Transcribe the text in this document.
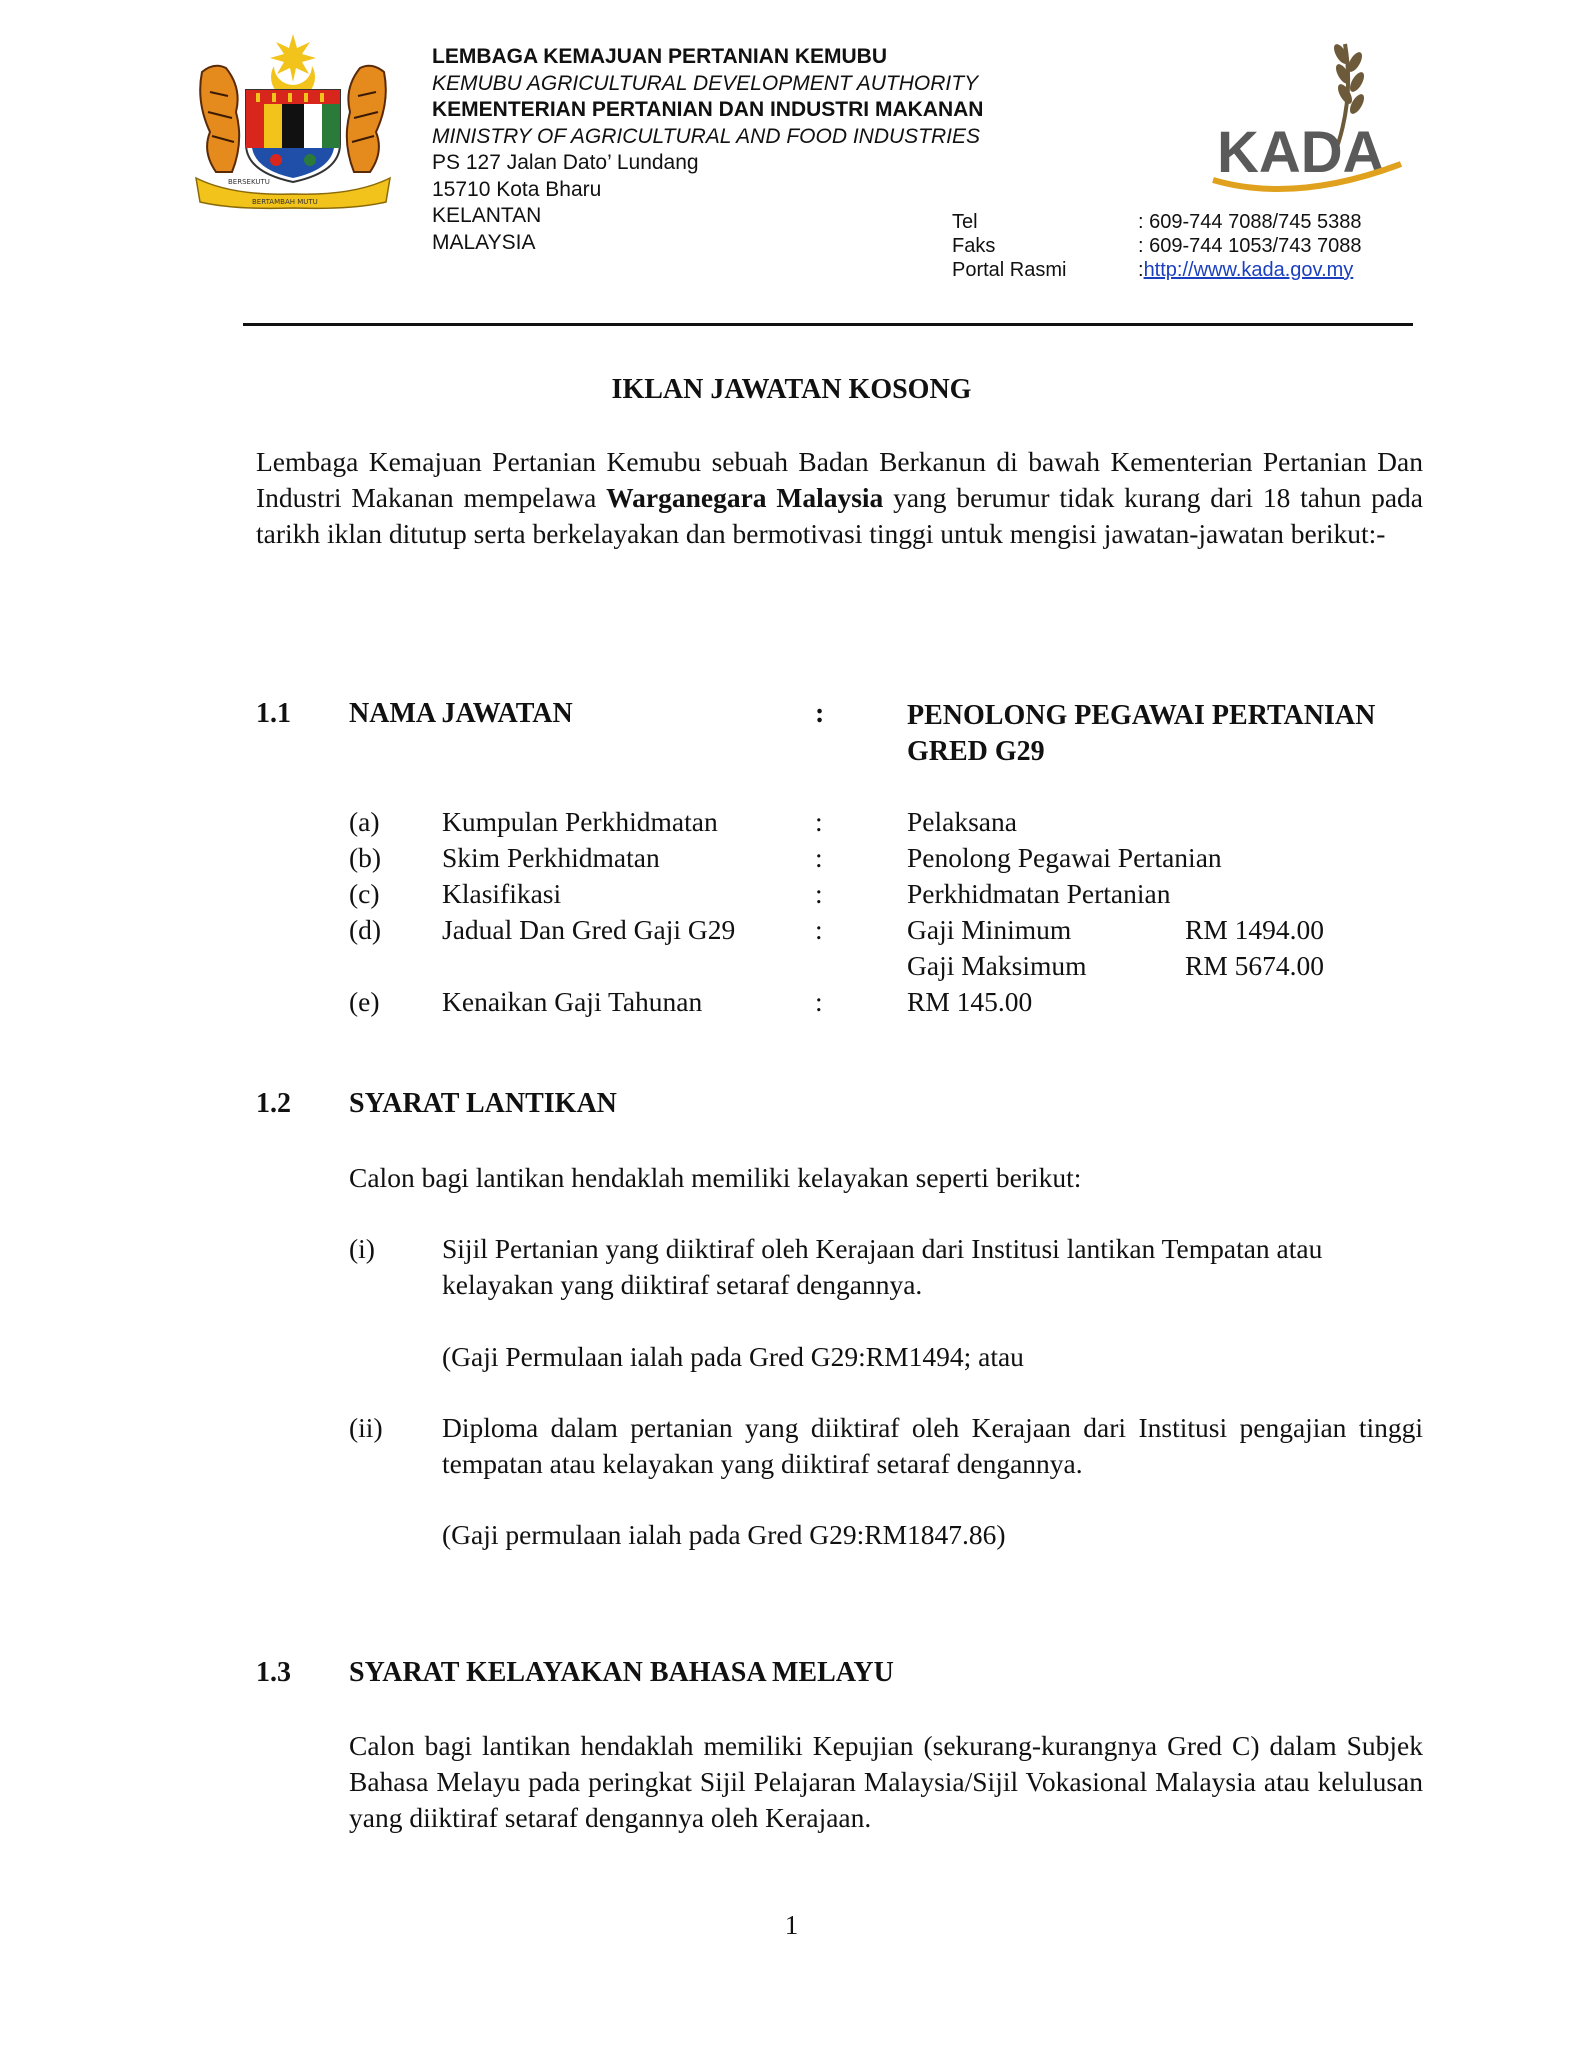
BERSEKUTU
BERTAMBAH MUTU
LEMBAGA KEMAJUAN PERTANIAN KEMUBU
KEMUBU AGRICULTURAL DEVELOPMENT AUTHORITY
KEMENTERIAN PERTANIAN DAN INDUSTRI MAKANAN
MINISTRY OF AGRICULTURAL AND FOOD INDUSTRIES
PS 127 Jalan Dato’ Lundang
15710 Kota Bharu
KELANTAN
MALAYSIA
KADA
Tel	: 609-744 7088/745 5388
Faks	: 609-744 1053/743 7088
Portal Rasmi	: http://www.kada.gov.my
IKLAN JAWATAN KOSONG
Lembaga Kemajuan Pertanian Kemubu sebuah Badan Berkanun di bawah Kementerian Pertanian Dan Industri Makanan mempelawa Warganegara Malaysia yang berumur tidak kurang dari 18 tahun pada tarikh iklan ditutup serta berkelayakan dan bermotivasi tinggi untuk mengisi jawatan-jawatan berikut:-
1.1 NAMA JAWATAN	:	PENOLONG PEGAWAI PERTANIAN
GRED G29
(a) Kumpulan Perkhidmatan	:	Pelaksana
(b) Skim Perkhidmatan	:	Penolong Pegawai Pertanian
(c) Klasifikasi	:	Perkhidmatan Pertanian
(d) Jadual Dan Gred Gaji G29	:	Gaji Minimum	RM 1494.00
Gaji Maksimum	RM 5674.00
(e) Kenaikan Gaji Tahunan	:	RM 145.00
1.2 SYARAT LANTIKAN
Calon bagi lantikan hendaklah memiliki kelayakan seperti berikut:
(i) Sijil Pertanian yang diiktiraf oleh Kerajaan dari Institusi lantikan Tempatan atau kelayakan yang diiktiraf setaraf dengannya.
(Gaji Permulaan ialah pada Gred G29:RM1494; atau
(ii) Diploma dalam pertanian yang diiktiraf oleh Kerajaan dari Institusi pengajian tinggi tempatan atau kelayakan yang diiktiraf setaraf dengannya.
(Gaji permulaan ialah pada Gred G29:RM1847.86)
1.3 SYARAT KELAYAKAN BAHASA MELAYU
Calon bagi lantikan hendaklah memiliki Kepujian (sekurang-kurangnya Gred C) dalam Subjek Bahasa Melayu pada peringkat Sijil Pelajaran Malaysia/Sijil Vokasional Malaysia atau kelulusan yang diiktiraf setaraf dengannya oleh Kerajaan.
1
